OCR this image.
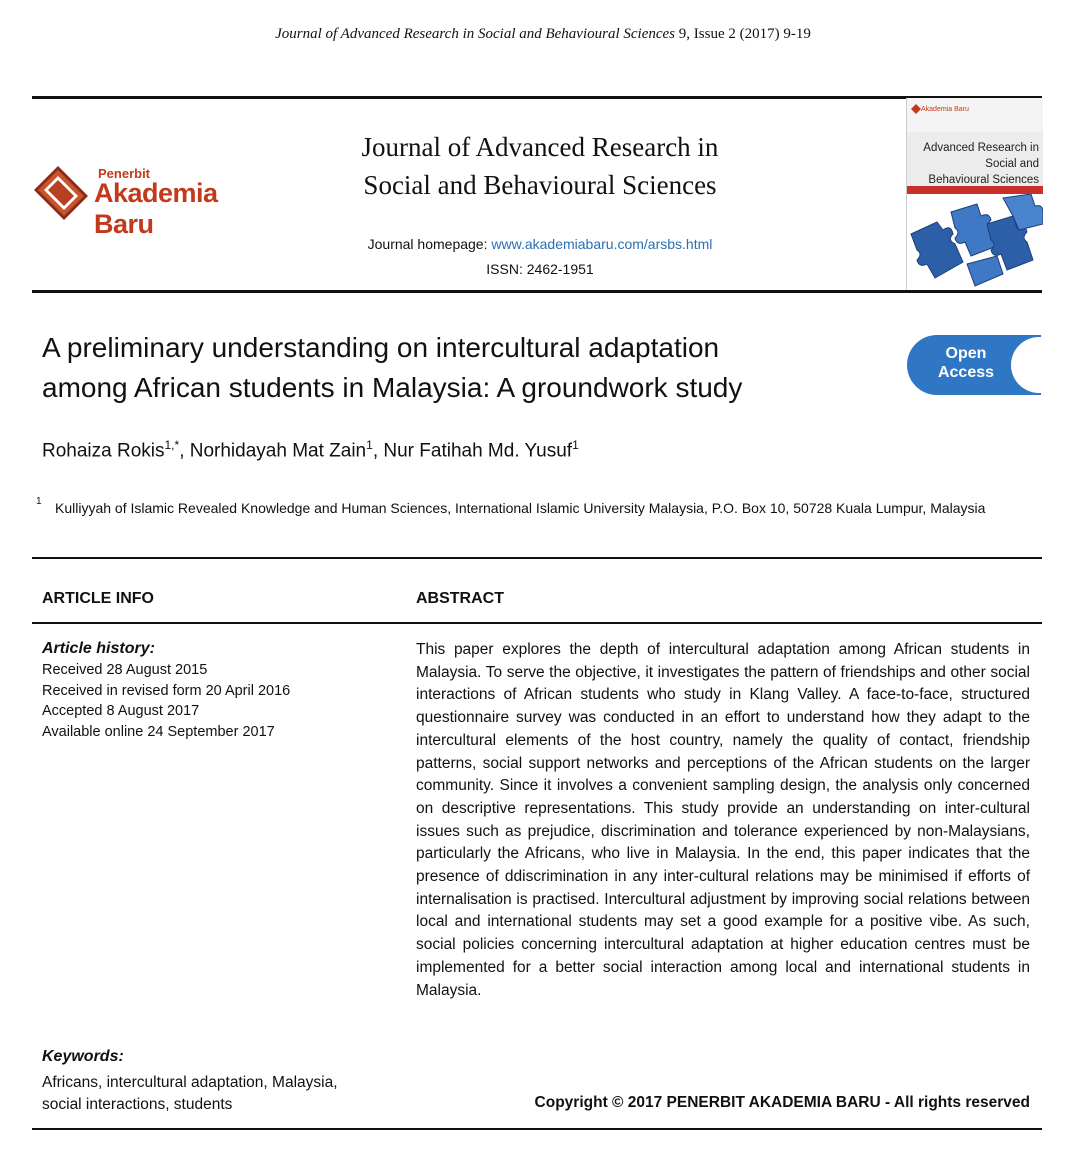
Journal of Advanced Research in Social and Behavioural Sciences 9, Issue 2 (2017) 9-19
Penerbit
Akademia Baru
Journal of Advanced Research in
Social and Behavioural Sciences
Journal homepage: www.akademiabaru.com/arsbs.html
ISSN: 2462-1951
Akademia Baru
Advanced Research in
Social and
Behavioural Sciences
A preliminary understanding on intercultural adaptation
among African students in Malaysia: A groundwork study
Open
Access
Rohaiza Rokis$^{1,*}$, Norhidayah Mat Zain$^1$, Nur Fatihah Md. Yusuf$^1$
1 Kulliyyah of Islamic Revealed Knowledge and Human Sciences, International Islamic University Malaysia, P.O. Box 10, 50728 Kuala Lumpur, Malaysia
ARTICLE INFO	ABSTRACT
Article history:
Received 28 August 2015
Received in revised form 20 April 2016
Accepted 8 August 2017
Available online 24 September 2017
This paper explores the depth of intercultural adaptation among African students in Malaysia. To serve the objective, it investigates the pattern of friendships and other social interactions of African students who study in Klang Valley. A face-to-face, structured questionnaire survey was conducted in an effort to understand how they adapt to the intercultural elements of the host country, namely the quality of contact, friendship patterns, social support networks and perceptions of the African students on the larger community. Since it involves a convenient sampling design, the analysis only concerned on descriptive representations. This study provide an understanding on inter-cultural issues such as prejudice, discrimination and tolerance experienced by non-Malaysians, particularly the Africans, who live in Malaysia. In the end, this paper indicates that the presence of ddiscrimination in any inter-cultural relations may be minimised if efforts of internalisation is practised. Intercultural adjustment by improving social relations between local and international students may set a good example for a positive vibe. As such, social policies concerning intercultural adaptation at higher education centres must be implemented for a better social interaction among local and international students in Malaysia.
Keywords:
Africans, intercultural adaptation, Malaysia,
social interactions, students	Copyright © 2017 PENERBIT AKADEMIA BARU - All rights reserved
